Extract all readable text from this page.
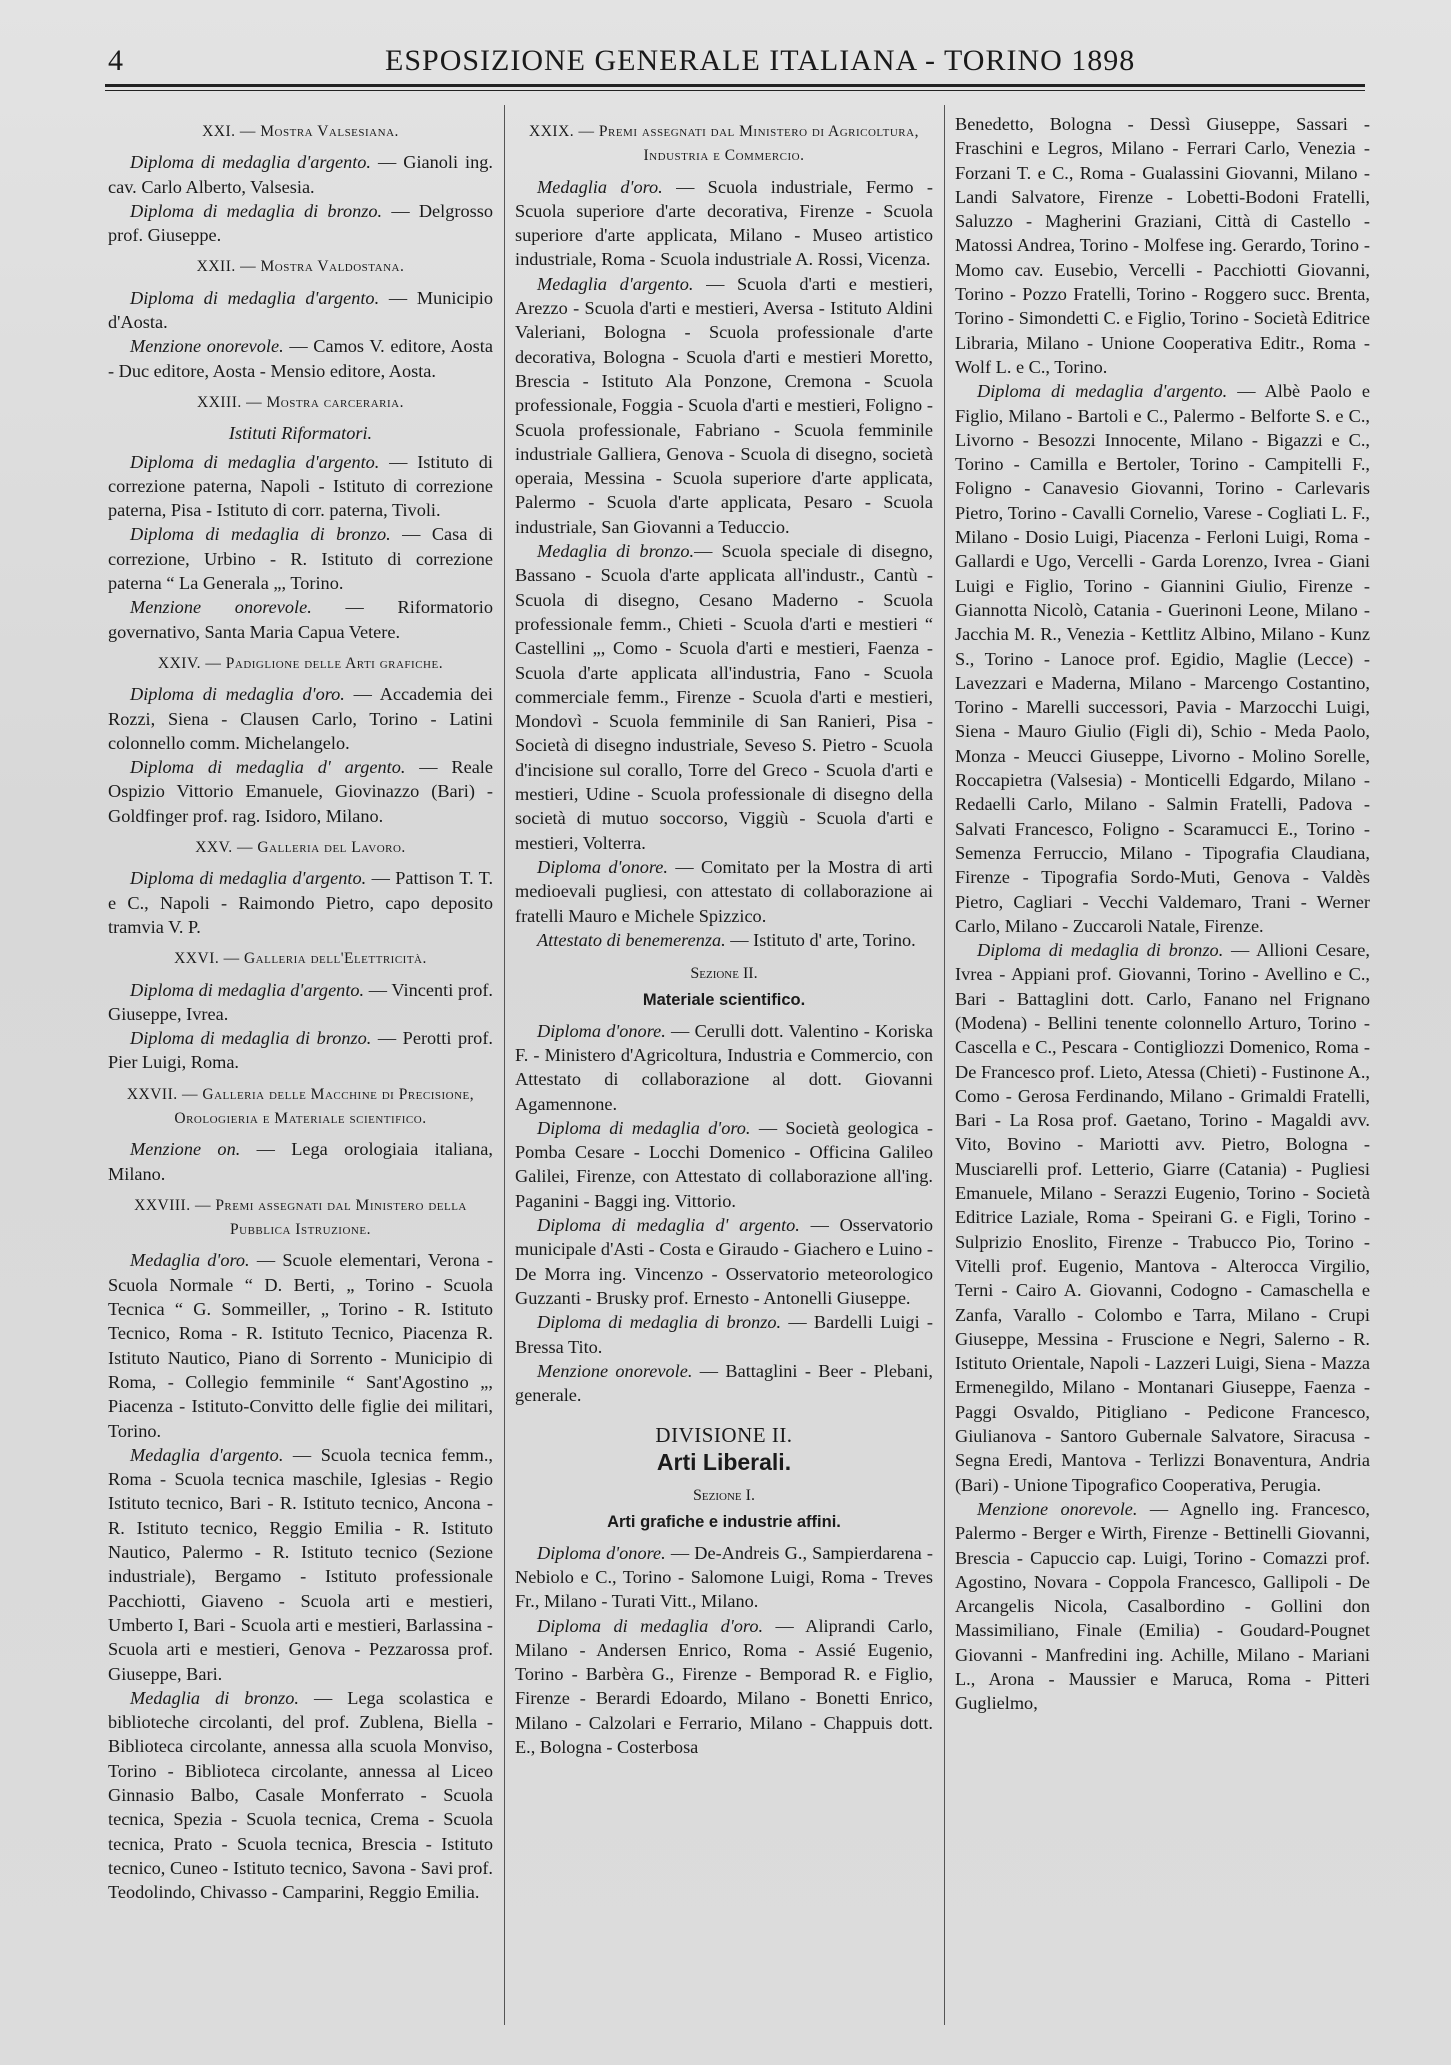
4	ESPOSIZIONE GENERALE ITALIANA - TORINO 1898
XXI. — Mostra Valsesiana.

Diploma di medaglia d'argento. — Gianoli ing. cav. Carlo Alberto, Valsesia.

Diploma di medaglia di bronzo. — Delgrosso prof. Giuseppe.

XXII. — Mostra Valdostana.

Diploma di medaglia d'argento. — Municipio d'Aosta.

Menzione onorevole. — Camos V. editore, Aosta - Duc editore, Aosta - Mensio editore, Aosta.

XXIII. — Mostra carceraria.
Istituti Riformatori.

Diploma di medaglia d'argento. — Istituto di correzione paterna, Napoli - Istituto di correzione paterna, Pisa - Istituto di corr. paterna, Tivoli.

Diploma di medaglia di bronzo. — Casa di correzione, Urbino - R. Istituto di correzione paterna “ La Generala „, Torino.

Menzione onorevole. — Riformatorio governativo, Santa Maria Capua Vetere.

XXIV. — Padiglione delle Arti grafiche.

Diploma di medaglia d'oro. — Accademia dei Rozzi, Siena - Clausen Carlo, Torino - Latini colonnello comm. Michelangelo.

Diploma di medaglia d' argento. — Reale Ospizio Vittorio Emanuele, Giovinazzo (Bari) - Goldfinger prof. rag. Isidoro, Milano.

XXV. — Galleria del Lavoro.

Diploma di medaglia d'argento. — Pattison T. T. e C., Napoli - Raimondo Pietro, capo deposito tramvia V. P.

XXVI. — Galleria dell'Elettricità.

Diploma di medaglia d'argento. — Vincenti prof. Giuseppe, Ivrea.

Diploma di medaglia di bronzo. — Perotti prof. Pier Luigi, Roma.

XXVII. — Galleria delle Macchine di Precisione, Orologieria e Materiale scientifico.

Menzione on. — Lega orologiaia italiana, Milano.

XXVIII. — Premi assegnati dal Ministero della Pubblica Istruzione.

Medaglia d'oro. — Scuole elementari, Verona - Scuola Normale “ D. Berti, „ Torino - Scuola Tecnica “ G. Sommeiller, „ Torino - R. Istituto Tecnico, Roma - R. Istituto Tecnico, Piacenza R. Istituto Nautico, Piano di Sorrento - Municipio di Roma, - Collegio femminile “ Sant'Agostino „, Piacenza - Istituto-Convitto delle figlie dei militari, Torino.

Medaglia d'argento. — Scuola tecnica femm., Roma - Scuola tecnica maschile, Iglesias - Regio Istituto tecnico, Bari - R. Istituto tecnico, Ancona - R. Istituto tecnico, Reggio Emilia - R. Istituto Nautico, Palermo - R. Istituto tecnico (Sezione industriale), Bergamo - Istituto professionale Pacchiotti, Giaveno - Scuola arti e mestieri, Umberto I, Bari - Scuola arti e mestieri, Barlassina - Scuola arti e mestieri, Genova - Pezzarossa prof. Giuseppe, Bari.

Medaglia di bronzo. — Lega scolastica e biblioteche circolanti, del prof. Zublena, Biella - Biblioteca circolante, annessa alla scuola Monviso, Torino - Biblioteca circolante, annessa al Liceo Ginnasio Balbo, Casale Monferrato - Scuola tecnica, Spezia - Scuola tecnica, Crema - Scuola tecnica, Prato - Scuola tecnica, Brescia - Istituto tecnico, Cuneo - Istituto tecnico, Savona - Savi prof. Teodolindo, Chivasso - Camparini, Reggio Emilia.

XXIX. — Premi assegnati dal Ministero di Agricoltura, Industria e Commercio.

Medaglia d'oro. — Scuola industriale, Fermo - Scuola superiore d'arte decorativa, Firenze - Scuola superiore d'arte applicata, Milano - Museo artistico industriale, Roma - Scuola industriale A. Rossi, Vicenza.

Medaglia d'argento. — Scuola d'arti e mestieri, Arezzo - Scuola d'arti e mestieri, Aversa - Istituto Aldini Valeriani, Bologna - Scuola professionale d'arte decorativa, Bologna - Scuola d'arti e mestieri Moretto, Brescia - Istituto Ala Ponzone, Cremona - Scuola professionale, Foggia - Scuola d'arti e mestieri, Foligno - Scuola professionale, Fabriano - Scuola femminile industriale Galliera, Genova - Scuola di disegno, società operaia, Messina - Scuola superiore d'arte applicata, Palermo - Scuola d'arte applicata, Pesaro - Scuola industriale, San Giovanni a Teduccio.

Medaglia di bronzo.— Scuola speciale di disegno, Bassano - Scuola d'arte applicata all'industr., Cantù - Scuola di disegno, Cesano Maderno - Scuola professionale femm., Chieti - Scuola d'arti e mestieri “ Castellini „, Como - Scuola d'arti e mestieri, Faenza - Scuola d'arte applicata all'industria, Fano - Scuola commerciale femm., Firenze - Scuola d'arti e mestieri, Mondovì - Scuola femminile di San Ranieri, Pisa - Società di disegno industriale, Seveso S. Pietro - Scuola d'incisione sul corallo, Torre del Greco - Scuola d'arti e mestieri, Udine - Scuola professionale di disegno della società di mutuo soccorso, Viggiù - Scuola d'arti e mestieri, Volterra.

Diploma d'onore. — Comitato per la Mostra di arti medioevali pugliesi, con attestato di collaborazione ai fratelli Mauro e Michele Spizzico.

Attestato di benemerenza. — Istituto d' arte, Torino.

Sezione II.
Materiale scientifico.

Diploma d'onore. — Cerulli dott. Valentino - Koriska F. - Ministero d'Agricoltura, Industria e Commercio, con Attestato di collaborazione al dott. Giovanni Agamennone.

Diploma di medaglia d'oro. — Società geologica - Pomba Cesare - Locchi Domenico - Officina Galileo Galilei, Firenze, con Attestato di collaborazione all'ing. Paganini - Baggi ing. Vittorio.

Diploma di medaglia d' argento. — Osservatorio municipale d'Asti - Costa e Giraudo - Giachero e Luino - De Morra ing. Vincenzo - Osservatorio meteorologico Guzzanti - Brusky prof. Ernesto - Antonelli Giuseppe.

Diploma di medaglia di bronzo. — Bardelli Luigi - Bressa Tito.

Menzione onorevole. — Battaglini - Beer - Plebani, generale.

DIVISIONE II.
Arti Liberali.
Sezione I.
Arti grafiche e industrie affini.

Diploma d'onore. — De-Andreis G., Sampierdarena - Nebiolo e C., Torino - Salomone Luigi, Roma - Treves Fr., Milano - Turati Vitt., Milano.

Diploma di medaglia d'oro. — Aliprandi Carlo, Milano - Andersen Enrico, Roma - Assié Eugenio, Torino - Barbèra G., Firenze - Bemporad R. e Figlio, Firenze - Berardi Edoardo, Milano - Bonetti Enrico, Milano - Calzolari e Ferrario, Milano - Chappuis dott. E., Bologna - Costerbosa

Benedetto, Bologna - Dessì Giuseppe, Sassari - Fraschini e Legros, Milano - Ferrari Carlo, Venezia - Forzani T. e C., Roma - Gualassini Giovanni, Milano - Landi Salvatore, Firenze - Lobetti-Bodoni Fratelli, Saluzzo - Magherini Graziani, Città di Castello - Matossi Andrea, Torino - Molfese ing. Gerardo, Torino - Momo cav. Eusebio, Vercelli - Pacchiotti Giovanni, Torino - Pozzo Fratelli, Torino - Roggero succ. Brenta, Torino - Simondetti C. e Figlio, Torino - Società Editrice Libraria, Milano - Unione Cooperativa Editr., Roma - Wolf L. e C., Torino.

Diploma di medaglia d'argento. — Albè Paolo e Figlio, Milano - Bartoli e C., Palermo - Belforte S. e C., Livorno - Besozzi Innocente, Milano - Bigazzi e C., Torino - Camilla e Bertoler, Torino - Campitelli F., Foligno - Canavesio Giovanni, Torino - Carlevaris Pietro, Torino - Cavalli Cornelio, Varese - Cogliati L. F., Milano - Dosio Luigi, Piacenza - Ferloni Luigi, Roma - Gallardi e Ugo, Vercelli - Garda Lorenzo, Ivrea - Giani Luigi e Figlio, Torino - Giannini Giulio, Firenze - Giannotta Nicolò, Catania - Guerinoni Leone, Milano - Jacchia M. R., Venezia - Kettlitz Albino, Milano - Kunz S., Torino - Lanoce prof. Egidio, Maglie (Lecce) - Lavezzari e Maderna, Milano - Marcengo Costantino, Torino - Marelli successori, Pavia - Marzocchi Luigi, Siena - Mauro Giulio (Figli di), Schio - Meda Paolo, Monza - Meucci Giuseppe, Livorno - Molino Sorelle, Roccapietra (Valsesia) - Monticelli Edgardo, Milano - Redaelli Carlo, Milano - Salmin Fratelli, Padova - Salvati Francesco, Foligno - Scaramucci E., Torino - Semenza Ferruccio, Milano - Tipografia Claudiana, Firenze - Tipografia Sordo-Muti, Genova - Valdès Pietro, Cagliari - Vecchi Valdemaro, Trani - Werner Carlo, Milano - Zuccaroli Natale, Firenze.

Diploma di medaglia di bronzo. — Allioni Cesare, Ivrea - Appiani prof. Giovanni, Torino - Avellino e C., Bari - Battaglini dott. Carlo, Fanano nel Frignano (Modena) - Bellini tenente colonnello Arturo, Torino - Cascella e C., Pescara - Contigliozzi Domenico, Roma - De Francesco prof. Lieto, Atessa (Chieti) - Fustinone A., Como - Gerosa Ferdinando, Milano - Grimaldi Fratelli, Bari - La Rosa prof. Gaetano, Torino - Magaldi avv. Vito, Bovino - Mariotti avv. Pietro, Bologna - Musciarelli prof. Letterio, Giarre (Catania) - Pugliesi Emanuele, Milano - Serazzi Eugenio, Torino - Società Editrice Laziale, Roma - Speirani G. e Figli, Torino - Sulprizio Enoslito, Firenze - Trabucco Pio, Torino - Vitelli prof. Eugenio, Mantova - Alterocca Virgilio, Terni - Cairo A. Giovanni, Codogno - Camaschella e Zanfa, Varallo - Colombo e Tarra, Milano - Crupi Giuseppe, Messina - Fruscione e Negri, Salerno - R. Istituto Orientale, Napoli - Lazzeri Luigi, Siena - Mazza Ermenegildo, Milano - Montanari Giuseppe, Faenza - Paggi Osvaldo, Pitigliano - Pedicone Francesco, Giulianova - Santoro Gubernale Salvatore, Siracusa - Segna Eredi, Mantova - Terlizzi Bonaventura, Andria (Bari) - Unione Tipografico Cooperativa, Perugia.

Menzione onorevole. — Agnello ing. Francesco, Palermo - Berger e Wirth, Firenze - Bettinelli Giovanni, Brescia - Capuccio cap. Luigi, Torino - Comazzi prof. Agostino, Novara - Coppola Francesco, Gallipoli - De Arcangelis Nicola, Casalbordino - Gollini don Massimiliano, Finale (Emilia) - Goudard-Pougnet Giovanni - Manfredini ing. Achille, Milano - Mariani L., Arona - Maussier e Maruca, Roma - Pitteri Guglielmo,
